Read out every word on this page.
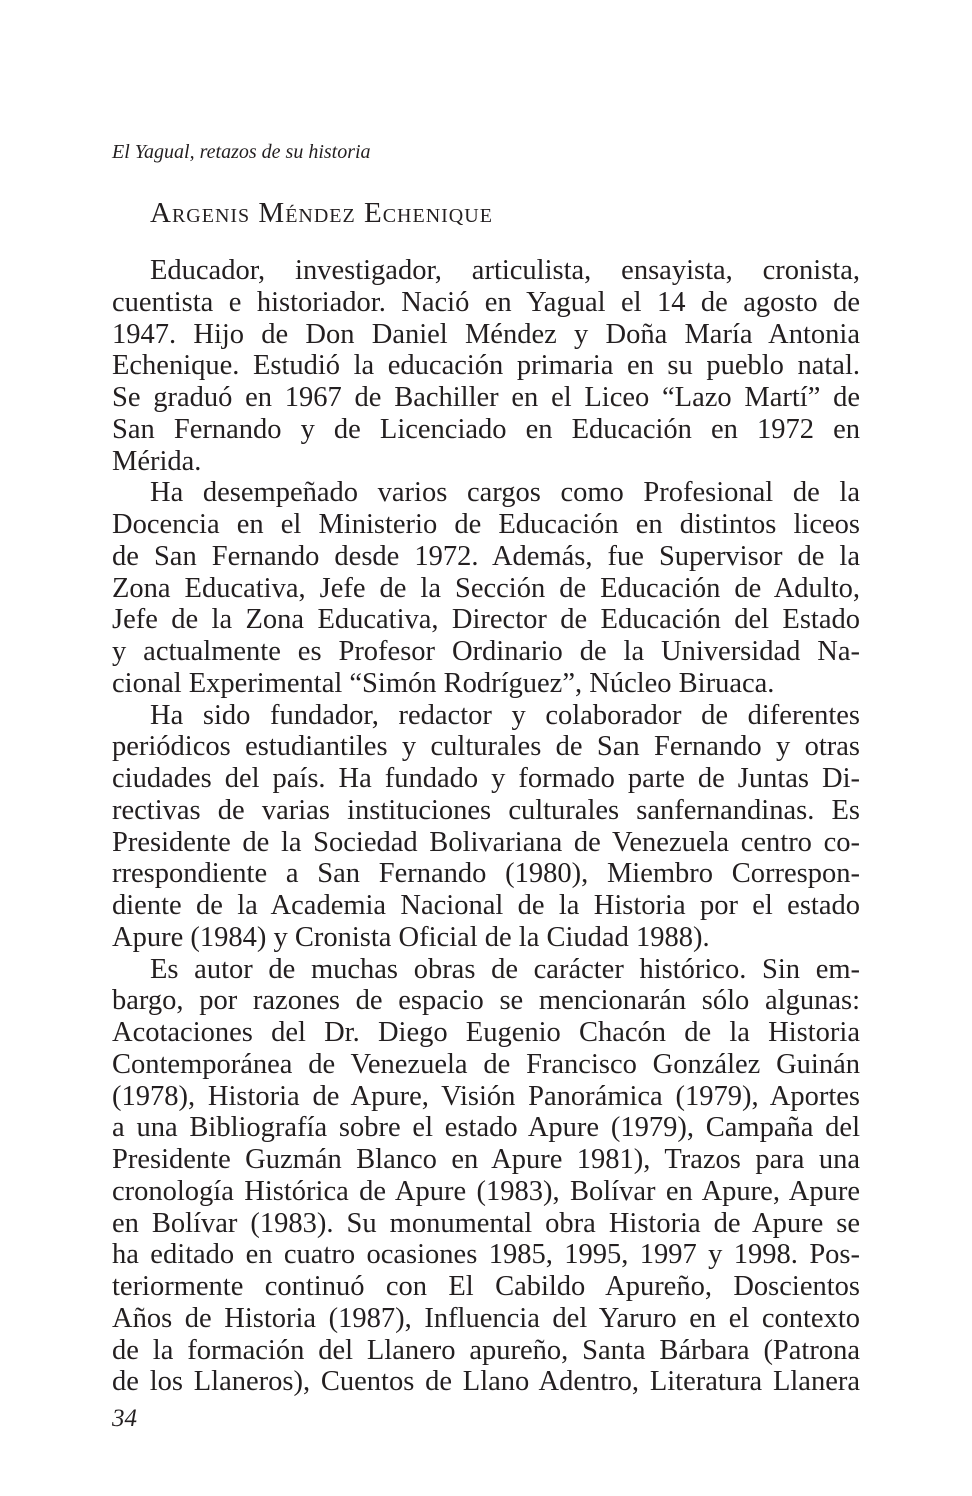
El Yagual, retazos de su historia
Argenis Méndez Echenique
Educador, investigador, articulista, ensayista, cronista,
cuentista e historiador. Nació en Yagual el 14 de agosto de
1947. Hijo de Don Daniel Méndez y Doña María Antonia
Echenique. Estudió la educación primaria en su pueblo natal.
Se graduó en 1967 de Bachiller en el Liceo “Lazo Martí” de
San Fernando y de Licenciado en Educación en 1972 en
Mérida.
Ha desempeñado varios cargos como Profesional de la
Docencia en el Ministerio de Educación en distintos liceos
de San Fernando desde 1972. Además, fue Supervisor de la
Zona Educativa, Jefe de la Sección de Educación de Adulto,
Jefe de la Zona Educativa, Director de Educación del Estado
y actualmente es Profesor Ordinario de la Universidad Na-
cional Experimental “Simón Rodríguez”, Núcleo Biruaca.
Ha sido fundador, redactor y colaborador de diferentes
periódicos estudiantiles y culturales de San Fernando y otras
ciudades del país. Ha fundado y formado parte de Juntas Di-
rectivas de varias instituciones culturales sanfernandinas. Es
Presidente de la Sociedad Bolivariana de Venezuela centro co-
rrespondiente a San Fernando (1980), Miembro Correspon-
diente de la Academia Nacional de la Historia por el estado
Apure (1984) y Cronista Oficial de la Ciudad 1988).
Es autor de muchas obras de carácter histórico. Sin em-
bargo, por razones de espacio se mencionarán sólo algunas:
Acotaciones del Dr. Diego Eugenio Chacón de la Historia
Contemporánea de Venezuela de Francisco González Guinán
(1978), Historia de Apure, Visión Panorámica (1979), Aportes
a una Bibliografía sobre el estado Apure (1979), Campaña del
Presidente Guzmán Blanco en Apure 1981), Trazos para una
cronología Histórica de Apure (1983), Bolívar en Apure, Apure
en Bolívar (1983). Su monumental obra Historia de Apure se
ha editado en cuatro ocasiones 1985, 1995, 1997 y 1998. Pos-
teriormente continuó con El Cabildo Apureño, Doscientos
Años de Historia (1987), Influencia del Yaruro en el contexto
de la formación del Llanero apureño, Santa Bárbara (Patrona
de los Llaneros), Cuentos de Llano Adentro, Literatura Llanera
34
